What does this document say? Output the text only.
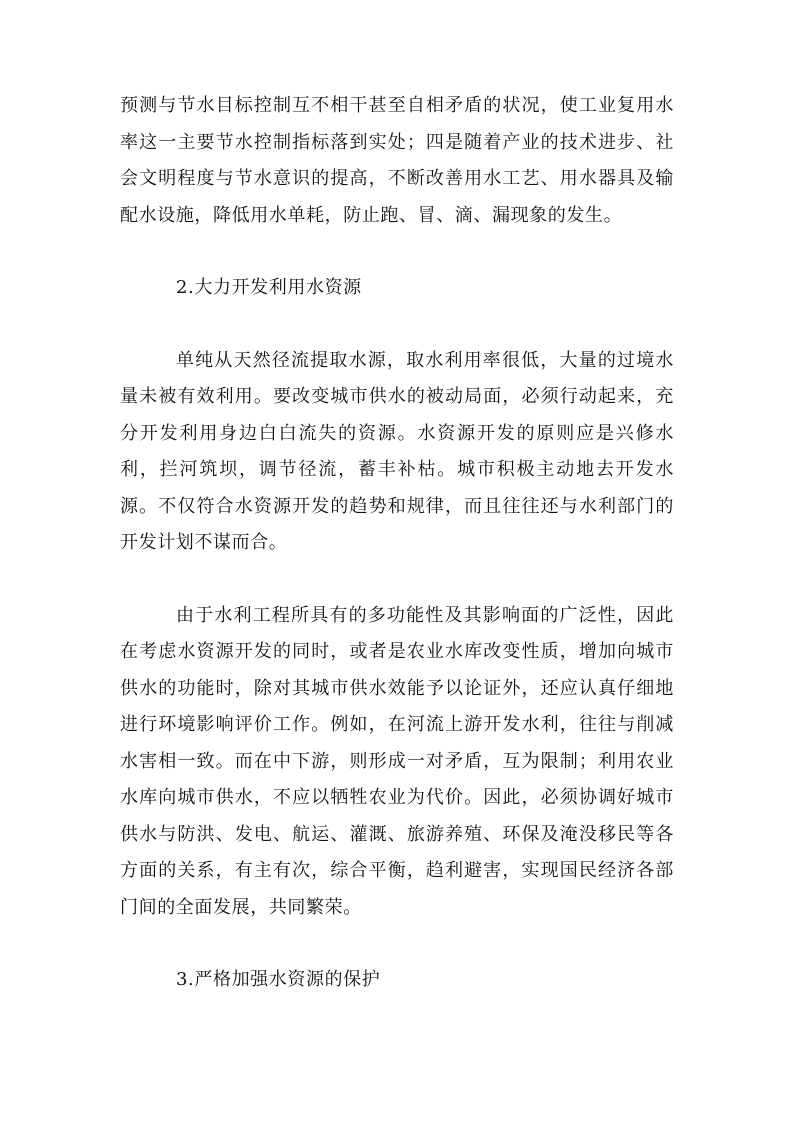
预测与节水目标控制互不相干甚至自相矛盾的状况，使工业复用水率这一主要节水控制指标落到实处；四是随着产业的技术进步、社会文明程度与节水意识的提高，不断改善用水工艺、用水器具及输配水设施，降低用水单耗，防止跑、冒、滴、漏现象的发生。

2.大力开发利用水资源

单纯从天然径流提取水源，取水利用率很低，大量的过境水量未被有效利用。要改变城市供水的被动局面，必须行动起来，充分开发利用身边白白流失的资源。水资源开发的原则应是兴修水利，拦河筑坝，调节径流，蓄丰补枯。城市积极主动地去开发水源。不仅符合水资源开发的趋势和规律，而且往往还与水利部门的开发计划不谋而合。

由于水利工程所具有的多功能性及其影响面的广泛性，因此在考虑水资源开发的同时，或者是农业水库改变性质，增加向城市供水的功能时，除对其城市供水效能予以论证外，还应认真仔细地进行环境影响评价工作。例如，在河流上游开发水利，往往与削减水害相一致。而在中下游，则形成一对矛盾，互为限制；利用农业水库向城市供水，不应以牺牲农业为代价。因此，必须协调好城市供水与防洪、发电、航运、灌溉、旅游养殖、环保及淹没移民等各方面的关系，有主有次，综合平衡，趋利避害，实现国民经济各部门间的全面发展，共同繁荣。

3.严格加强水资源的保护
